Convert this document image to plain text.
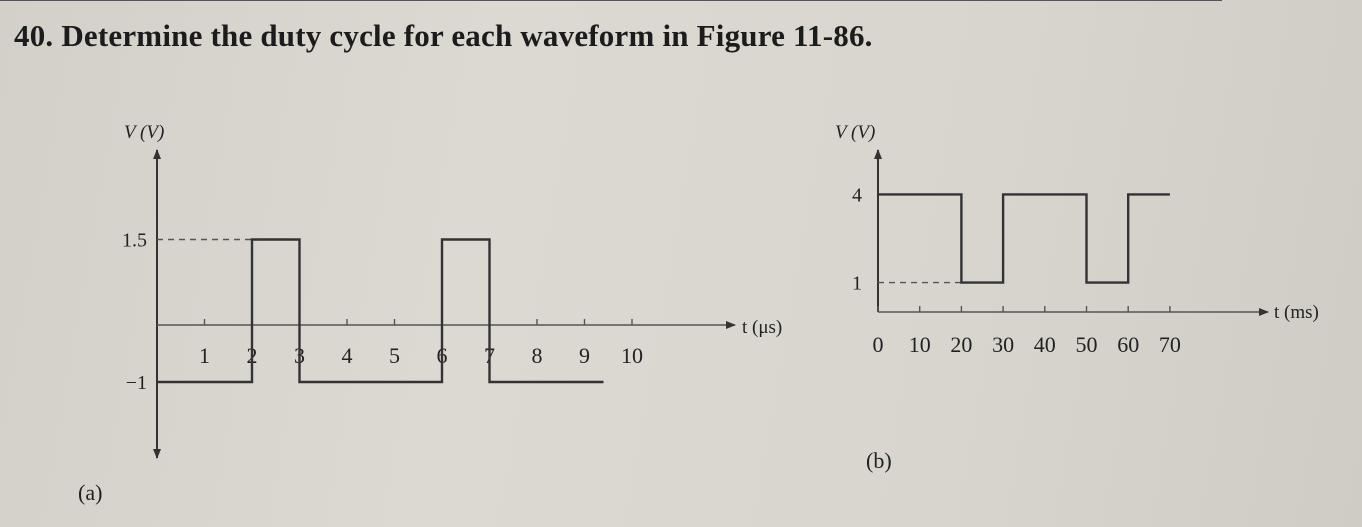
40. Determine the duty cycle for each waveform in Figure 11-86.

V (V)
t (μs)
1 2 3 4 5 6 7 8 9 10
1.5
−1
(a)
V (V)
t (ms)
0 10 20 30 40 50 60 70
4
1
(b)
